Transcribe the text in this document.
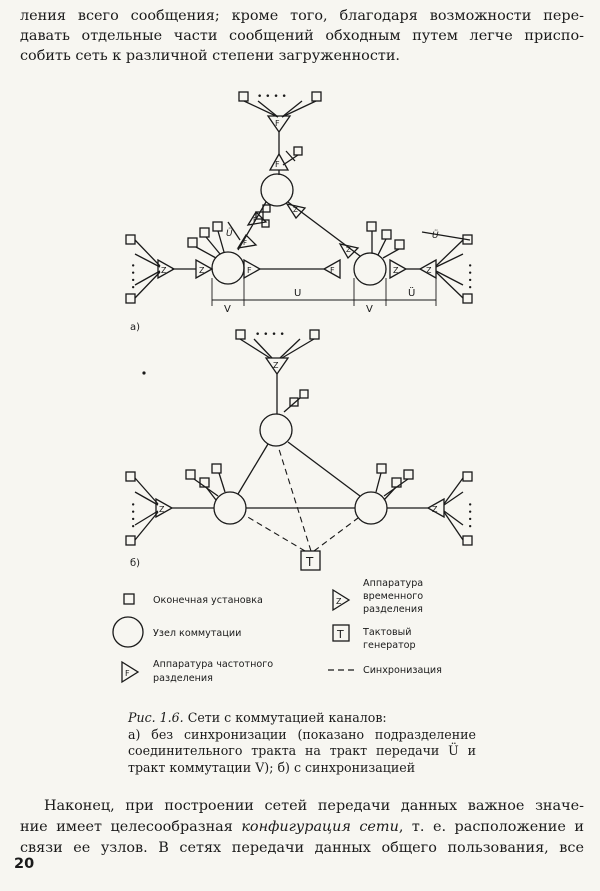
ления всего сообщения; кроме того, благодаря возможности пере-
давать отдельные части сообщений обходным путем легче приспо-
собить сеть к различной степени загруженности.

• • • •
F
F
F
F
Ü
Z
Z
Z	F
• • • •	Z	F	Z	Z	• • • •
Ü
V
U
V
Ü
а)
• • • •
Z
• • • •	Z	• • • •
Z
T
б)
Оконечная установка
Узел коммутации
F
Аппаратура частотного
разделения
Z
Аппаратура
временного
разделения
T Тактовый
генератор
Синхронизация
Рис. 1.6. Сети с коммутацией каналов:
а) без синхронизации (показано подразделение
соединительного тракта на тракт передачи Ü и
тракт коммутации V); б) с синхронизацией
Наконец, при построении сетей передачи данных важное значе-
ние имеет целесообразная конфигурация сети, т. е. расположение и
связи ее узлов. В сетях передачи данных общего пользования, все
20
